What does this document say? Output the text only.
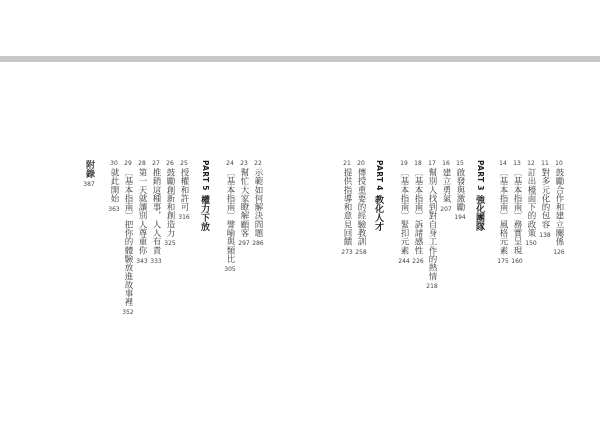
10
鼓勵合作和建立關係
126
11
對多元化的包容
138
12
訂出檯面下的政策
150
13
〔基本指南〕務實呈現
160
14
〔基本指南〕風格元素
175
PART 3
強化團隊
15
啟發與激勵
194
16
建立勇氣
207
17
幫別人找到對自身工作的熱情
218
18
〔基本指南〕訴諸感性
226
19
〔基本指南〕緊扣元素
244
PART 4
教化人才
20
傳授重要的經驗教訓
258
21
提供指導和意見回饋
273
22
示範如何解決問題
286
23
幫忙大家瞭解顧客
297
24
〔基本指南〕譬喻與類比
305
PART 5
權力下放
25
授權和許可
316
26
鼓勵創新和創造力
325
27
推銷這種事，人人有責
333
28
第一天就讓別人尊重你
343
29
〔基本指南〕把你的體驗放進故事裡
352
30
就此開始
363
附錄
387
